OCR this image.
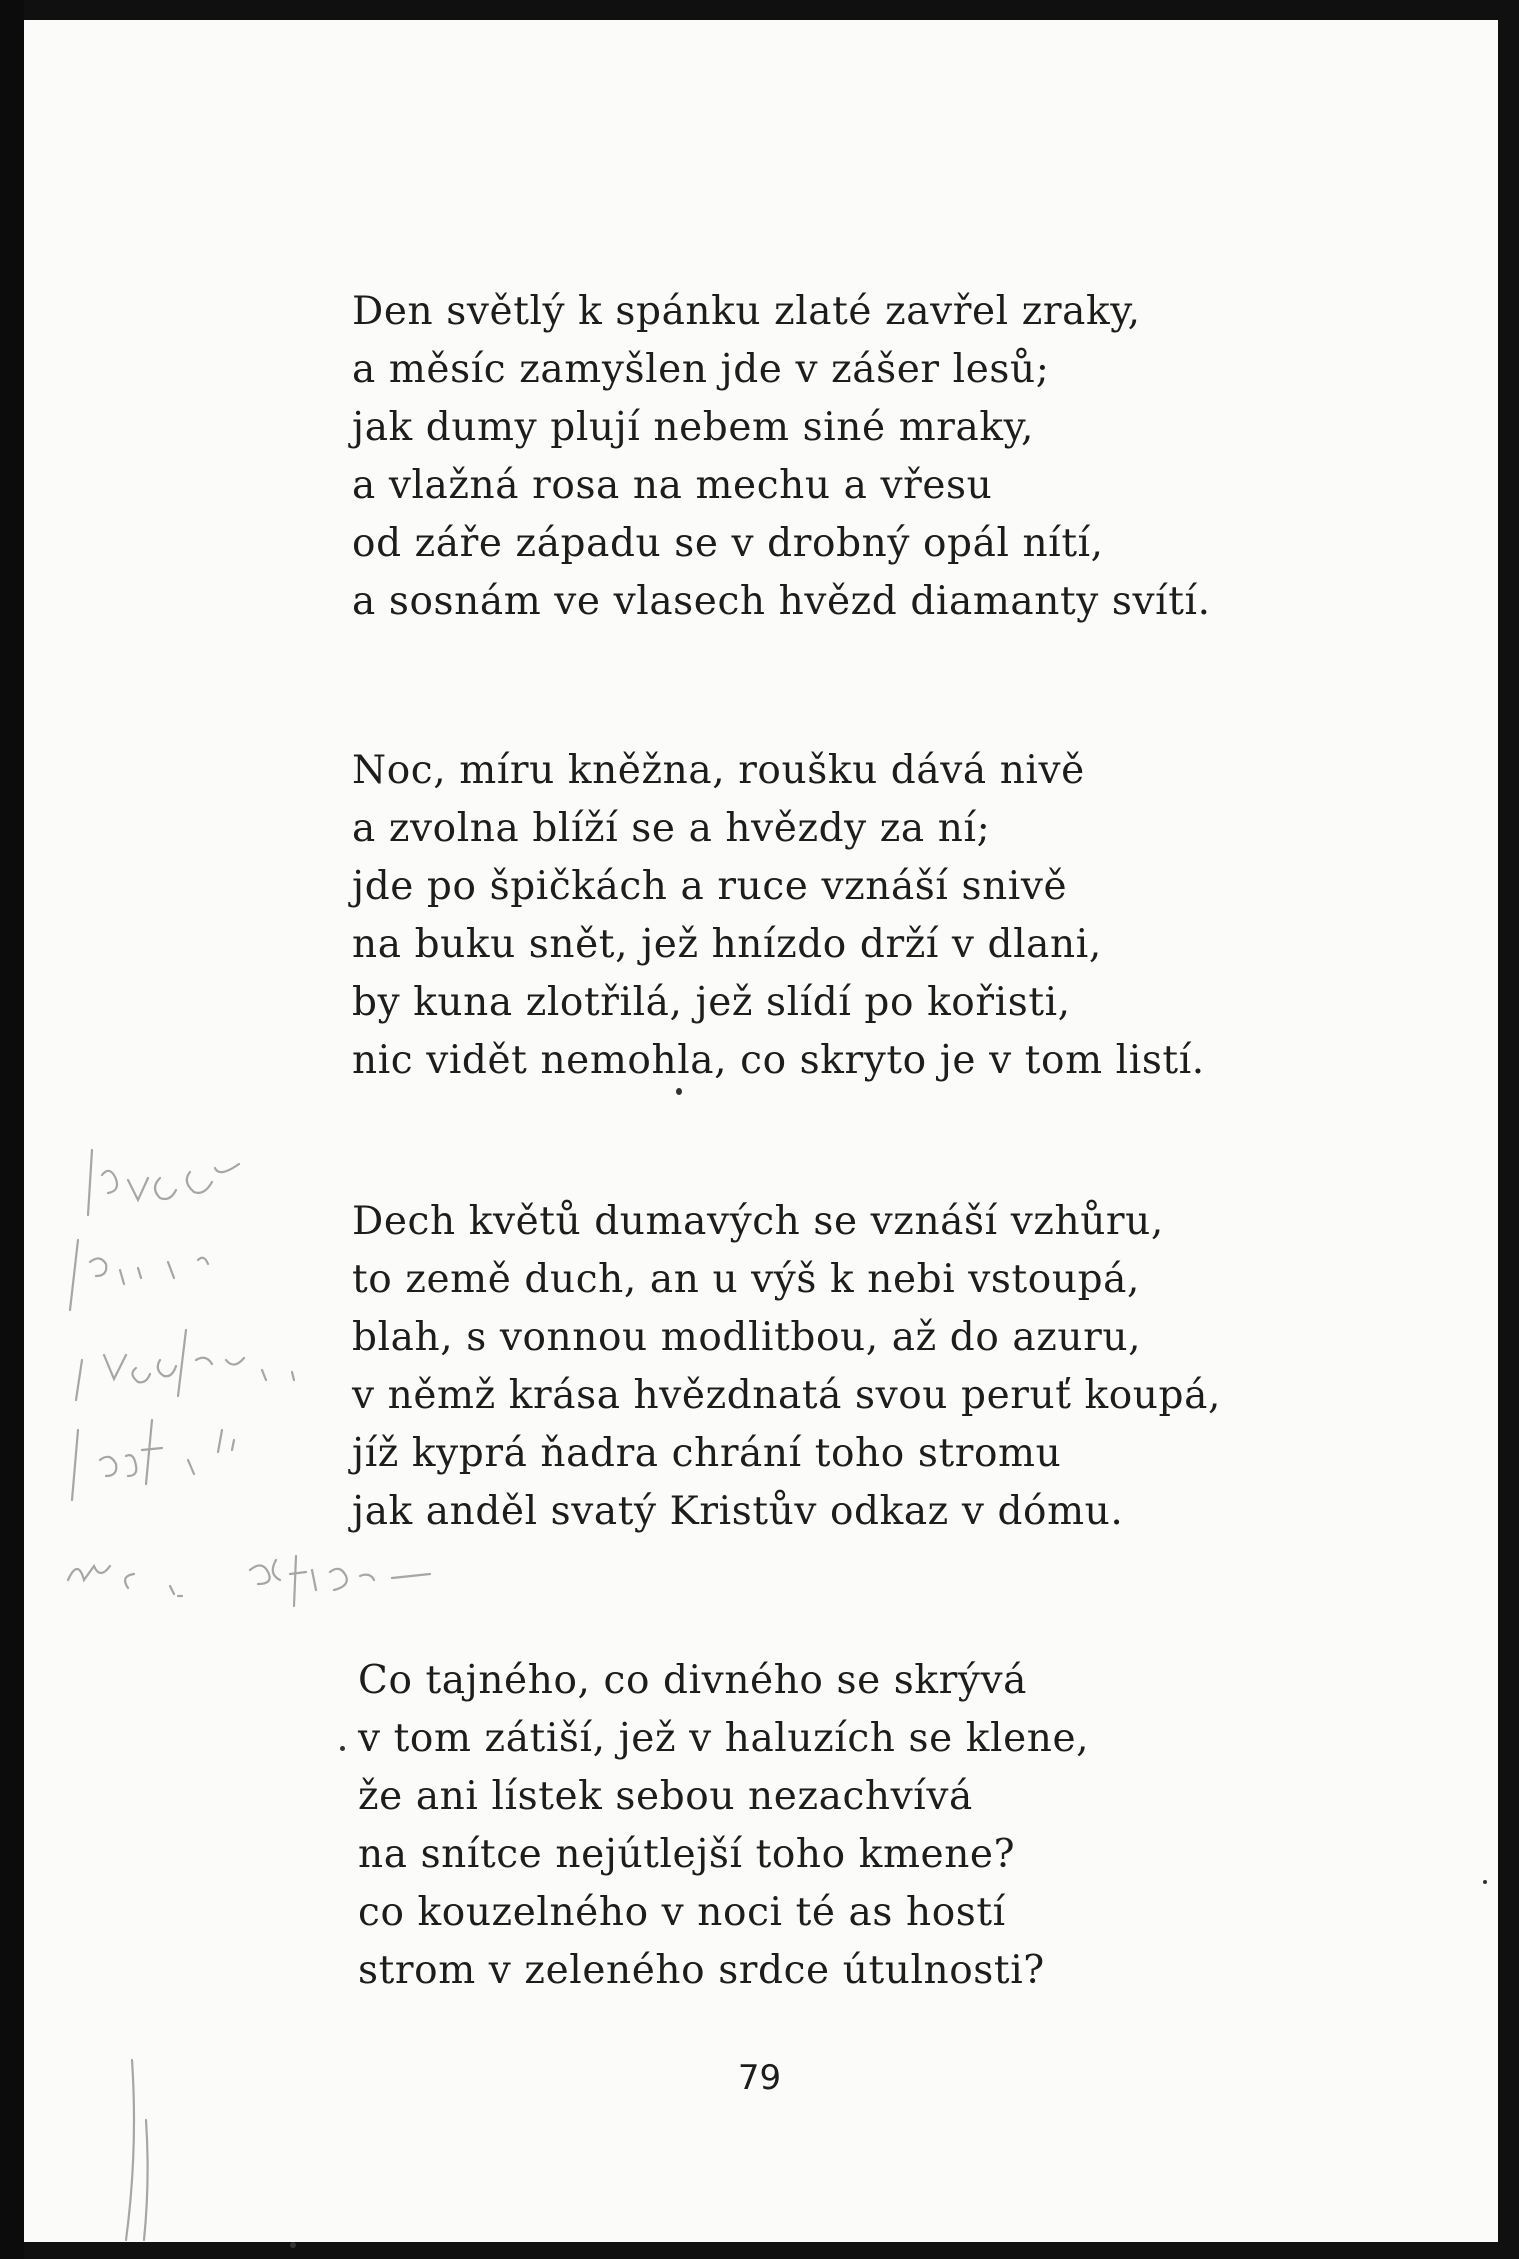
Den světlý k spánku zlaté zavřel zraky,
a měsíc zamyšlen jde v zášer lesů;
jak dumy plují nebem siné mraky,
a vlažná rosa na mechu a vřesu
od záře západu se v drobný opál nítí,
a sosnám ve vlasech hvězd diamanty svítí.
Noc, míru kněžna, roušku dává nivě
a zvolna blíží se a hvězdy za ní;
jde po špičkách a ruce vznáší snivě
na buku snět, jež hnízdo drží v dlani,
by kuna zlotřilá, jež slídí po kořisti,
nic vidět nemohla, co skryto je v tom listí.
Dech květů dumavých se vznáší vzhůru,
to země duch, an u výš k nebi vstoupá,
blah, s vonnou modlitbou, až do azuru,
v němž krása hvězdnatá svou peruť koupá,
jíž kyprá ňadra chrání toho stromu
jak anděl svatý Kristův odkaz v dómu.
Co tajného, co divného se skrývá
v tom zátiší, jež v haluzích se klene,
že ani lístek sebou nezachvívá
na snítce nejútlejší toho kmene?
co kouzelného v noci té as hostí
strom v zeleného srdce útulnosti?
79
